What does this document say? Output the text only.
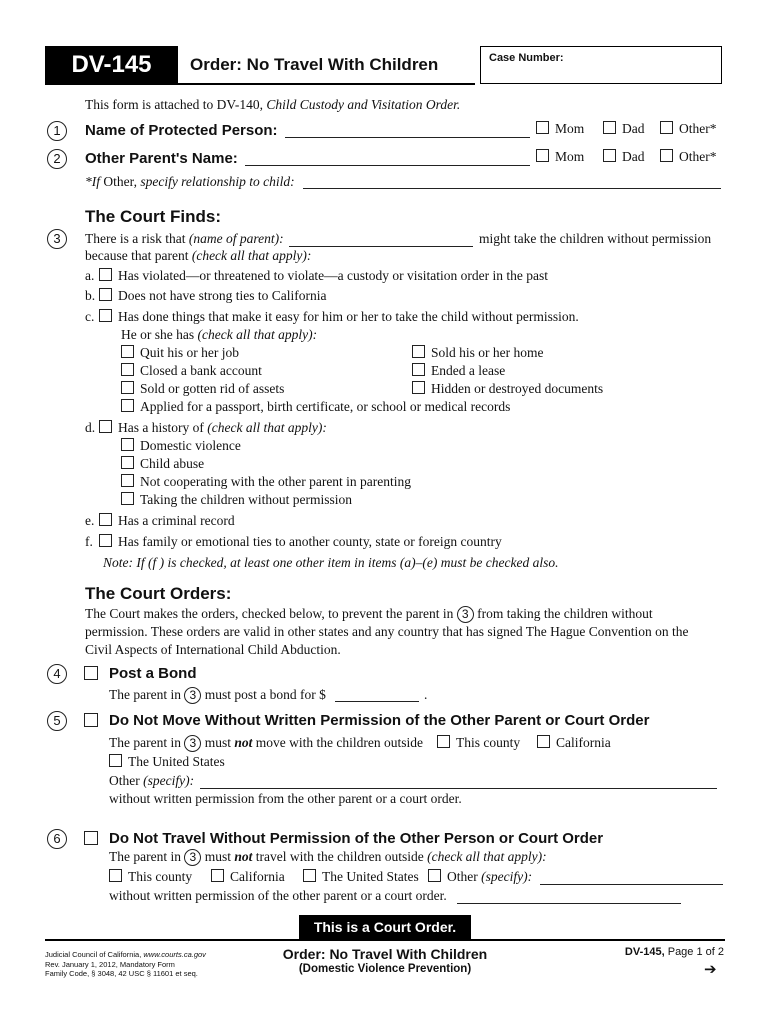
DV-145	Order: No Travel With Children	Case Number:
This form is attached to DV-140, Child Custody and Visitation Order.
1	Name of Protected Person:	Mom	Dad	Other*
2	Other Parent's Name:	Mom	Dad	Other*
*If Other, specify relationship to child:
The Court Finds:
3	There is a risk that (name of parent):	might take the children without permission
because that parent (check all that apply):
a. Has violated—or threatened to violate—a custody or visitation order in the past
b. Does not have strong ties to California
c. Has done things that make it easy for him or her to take the child without permission.
He or she has (check all that apply):
Quit his or her job	Sold his or her home
Closed a bank account	Ended a lease
Sold or gotten rid of assets	Hidden or destroyed documents
Applied for a passport, birth certificate, or school or medical records
d. Has a history of (check all that apply):
Domestic violence
Child abuse
Not cooperating with the other parent in parenting
Taking the children without permission
e. Has a criminal record
f. Has family or emotional ties to another county, state or foreign country
Note: If (f ) is checked, at least one other item in items (a)–(e) must be checked also.
The Court Orders:
The Court makes the orders, checked below, to prevent the parent in 3 from taking the children without
permission. These orders are valid in other states and any country that has signed The Hague Convention on the
Civil Aspects of International Child Abduction.
4	Post a Bond
The parent in 3 must post a bond for $	.
5	Do Not Move Without Written Permission of the Other Parent or Court Order
The parent in 3 must not move with the children outside	This county	California
The United States
Other (specify):
without written permission from the other parent or a court order.
6	Do Not Travel Without Permission of the Other Person or Court Order
The parent in 3 must not travel with the children outside (check all that apply):
This county	California	The United States	Other (specify):
without written permission of the other parent or a court order.
This is a Court Order.
Judicial Council of California, www.courts.ca.gov
Rev. January 1, 2012, Mandatory Form
Family Code, § 3048, 42 USC § 11601 et seq.
Order: No Travel With Children
(Domestic Violence Prevention)
DV-145, Page 1 of 2
➔
